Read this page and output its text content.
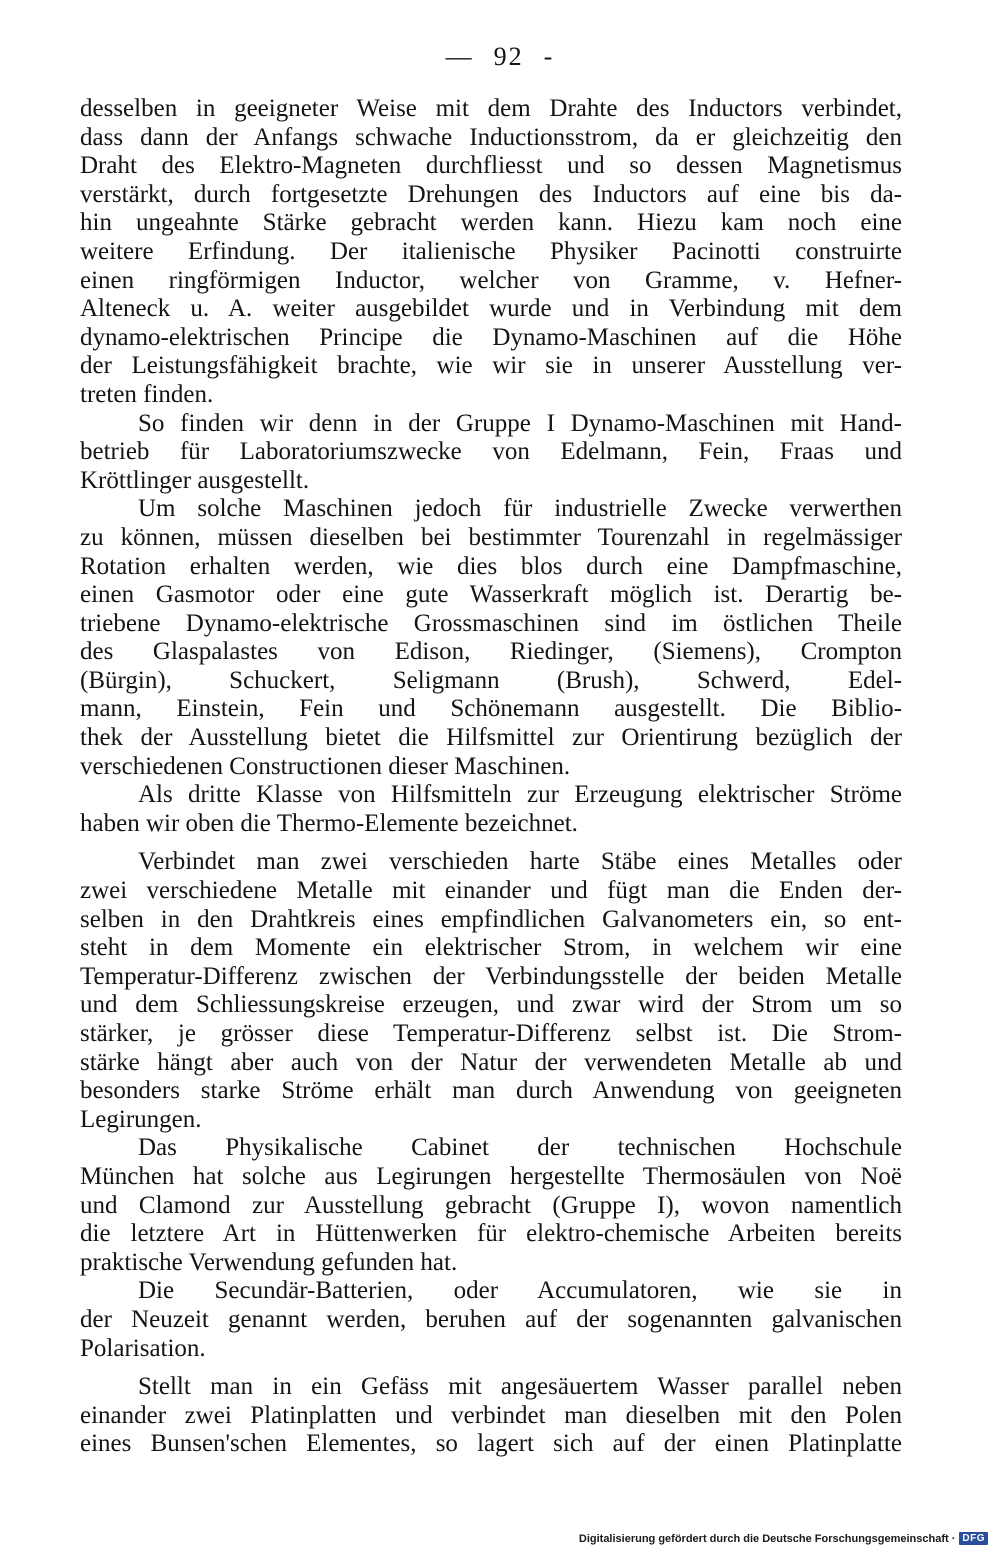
— 92 -
desselben in geeigneter Weise mit dem Drahte des Inductors verbindet,
dass dann der Anfangs schwache Inductionsstrom, da er gleichzeitig den
Draht des Elektro-Magneten durchfliesst und so dessen Magnetismus
verstärkt, durch fortgesetzte Drehungen des Inductors auf eine bis da-
hin ungeahnte Stärke gebracht werden kann. Hiezu kam noch eine
weitere Erfindung. Der italienische Physiker Pacinotti construirte
einen ringförmigen Inductor, welcher von Gramme, v. Hefner-
Alteneck u. A. weiter ausgebildet wurde und in Verbindung mit dem
dynamo-elektrischen Principe die Dynamo-Maschinen auf die Höhe
der Leistungsfähigkeit brachte, wie wir sie in unserer Ausstellung ver-
treten finden.
So finden wir denn in der Gruppe I Dynamo-Maschinen mit Hand-
betrieb für Laboratoriumszwecke von Edelmann, Fein, Fraas und
Kröttlinger ausgestellt.
Um solche Maschinen jedoch für industrielle Zwecke verwerthen
zu können, müssen dieselben bei bestimmter Tourenzahl in regelmässiger
Rotation erhalten werden, wie dies blos durch eine Dampfmaschine,
einen Gasmotor oder eine gute Wasserkraft möglich ist. Derartig be-
triebene Dynamo-elektrische Grossmaschinen sind im östlichen Theile
des Glaspalastes von Edison, Riedinger, (Siemens), Crompton
(Bürgin), Schuckert, Seligmann (Brush), Schwerd, Edel-
mann, Einstein, Fein und Schönemann ausgestellt. Die Biblio-
thek der Ausstellung bietet die Hilfsmittel zur Orientirung bezüglich der
verschiedenen Constructionen dieser Maschinen.
Als dritte Klasse von Hilfsmitteln zur Erzeugung elektrischer Ströme
haben wir oben die Thermo-Elemente bezeichnet.
Verbindet man zwei verschieden harte Stäbe eines Metalles oder
zwei verschiedene Metalle mit einander und fügt man die Enden der-
selben in den Drahtkreis eines empfindlichen Galvanometers ein, so ent-
steht in dem Momente ein elektrischer Strom, in welchem wir eine
Temperatur-Differenz zwischen der Verbindungsstelle der beiden Metalle
und dem Schliessungskreise erzeugen, und zwar wird der Strom um so
stärker, je grösser diese Temperatur-Differenz selbst ist. Die Strom-
stärke hängt aber auch von der Natur der verwendeten Metalle ab und
besonders starke Ströme erhält man durch Anwendung von geeigneten
Legirungen.
Das Physikalische Cabinet der technischen Hochschule
München hat solche aus Legirungen hergestellte Thermosäulen von Noë
und Clamond zur Ausstellung gebracht (Gruppe I), wovon namentlich
die letztere Art in Hüttenwerken für elektro-chemische Arbeiten bereits
praktische Verwendung gefunden hat.
Die Secundär-Batterien, oder Accumulatoren, wie sie in
der Neuzeit genannt werden, beruhen auf der sogenannten galvanischen
Polarisation.
Stellt man in ein Gefäss mit angesäuertem Wasser parallel neben
einander zwei Platinplatten und verbindet man dieselben mit den Polen
eines Bunsen'schen Elementes, so lagert sich auf der einen Platinplatte
Digitalisierung gefördert durch die Deutsche Forschungsgemeinschaft · DFG
